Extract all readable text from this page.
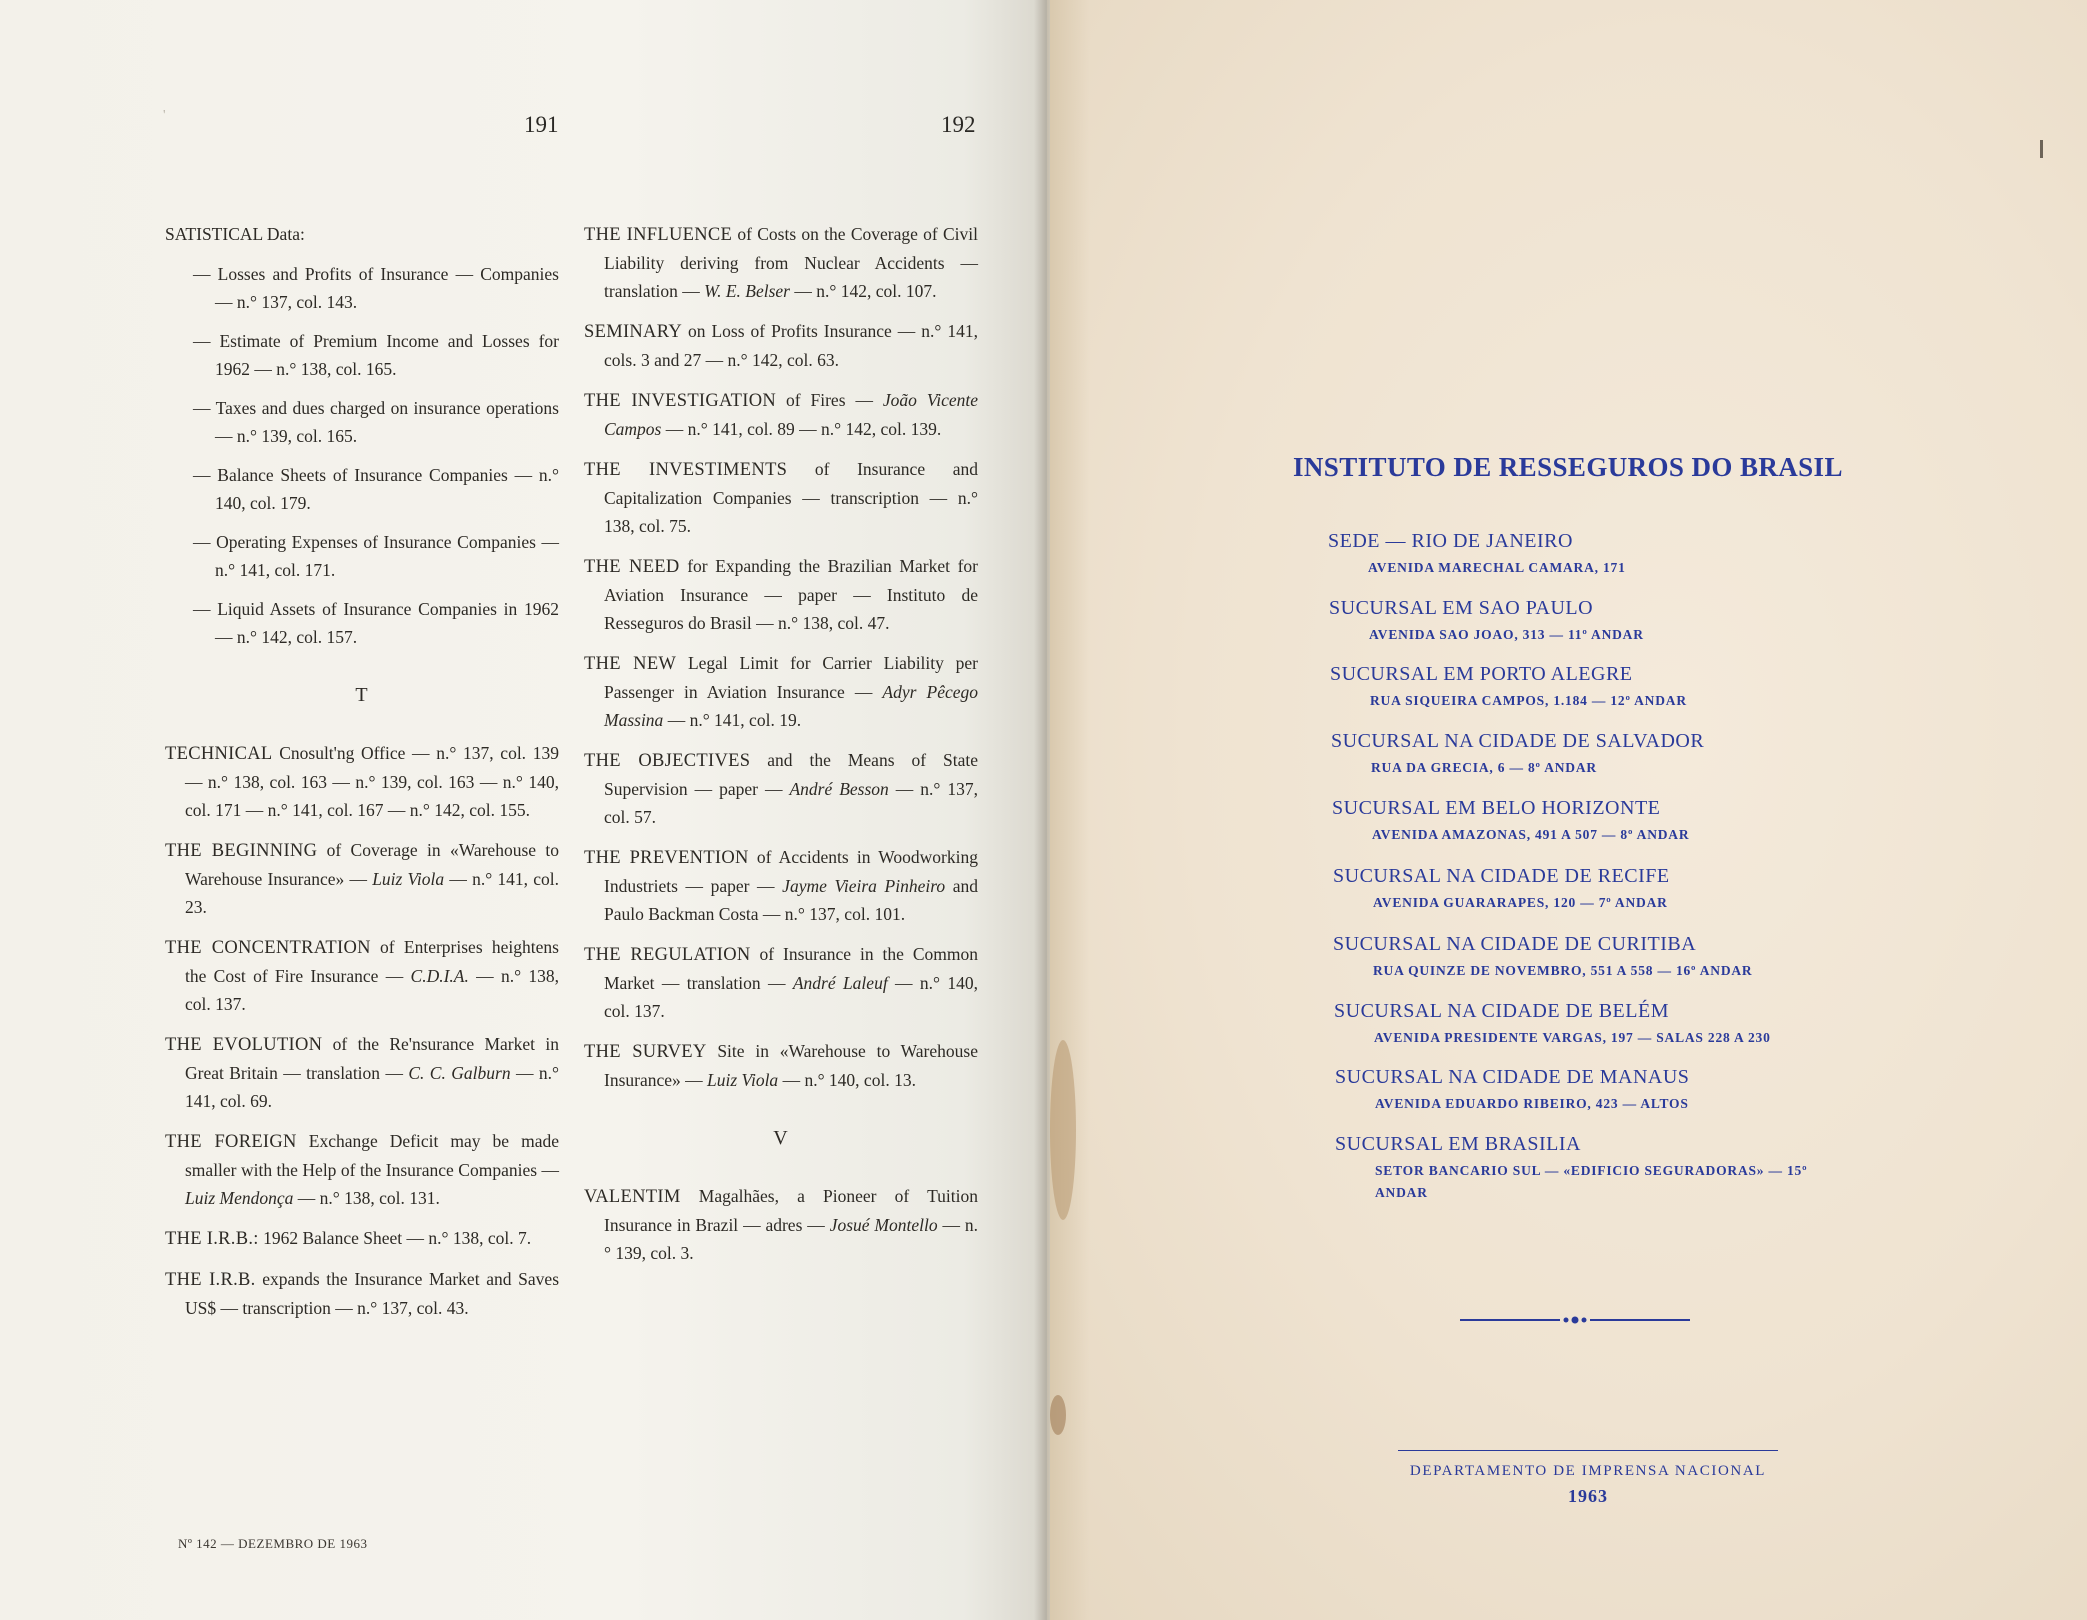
'	191	192
SATISTICAL Data:
— Losses and Profits of Insurance — Companies — n.° 137, col. 143.
— Estimate of Premium Income and Losses for 1962 — n.° 138, col. 165.
— Taxes and dues charged on insurance operations — n.° 139, col. 165.
— Balance Sheets of Insurance Companies — n.° 140, col. 179.
— Operating Expenses of Insurance Companies — n.° 141, col. 171.
— Liquid Assets of Insurance Companies in 1962 — n.° 142, col. 157.
T
TECHNICAL Cnosult'ng Office — n.° 137, col. 139 — n.° 138, col. 163 — n.° 139, col. 163 — n.° 140, col. 171 — n.° 141, col. 167 — n.° 142, col. 155.
THE BEGINNING of Coverage in «Warehouse to Warehouse Insurance» — Luiz Viola — n.° 141, col. 23.
THE CONCENTRATION of Enterprises heightens the Cost of Fire Insurance — C.D.I.A. — n.° 138, col. 137.
THE EVOLUTION of the Re'nsurance Market in Great Britain — translation — C. C. Galburn — n.° 141, col. 69.
THE FOREIGN Exchange Deficit may be made smaller with the Help of the Insurance Companies — Luiz Mendonça — n.° 138, col. 131.
THE I.R.B.: 1962 Balance Sheet — n.° 138, col. 7.
THE I.R.B. expands the Insurance Market and Saves US$ — transcription — n.° 137, col. 43.
THE INFLUENCE of Costs on the Coverage of Civil Liability deriving from Nuclear Accidents — translation — W. E. Belser — n.° 142, col. 107.
SEMINARY on Loss of Profits Insurance — n.° 141, cols. 3 and 27 — n.° 142, col. 63.
THE INVESTIGATION of Fires — João Vicente Campos — n.° 141, col. 89 — n.° 142, col. 139.
THE INVESTIMENTS of Insurance and Capitalization Companies — transcription — n.° 138, col. 75.
THE NEED for Expanding the Brazilian Market for Aviation Insurance — paper — Instituto de Resseguros do Brasil — n.° 138, col. 47.
THE NEW Legal Limit for Carrier Liability per Passenger in Aviation Insurance — Adyr Pêcego Massina — n.° 141, col. 19.
THE OBJECTIVES and the Means of State Supervision — paper — André Besson — n.° 137, col. 57.
THE PREVENTION of Accidents in Woodworking Industriets — paper — Jayme Vieira Pinheiro and Paulo Backman Costa — n.° 137, col. 101.
THE REGULATION of Insurance in the Common Market — translation — André Laleuf — n.° 140, col. 137.
THE SURVEY Site in «Warehouse to Warehouse Insurance» — Luiz Viola — n.° 140, col. 13.
V
VALENTIM Magalhães, a Pioneer of Tuition Insurance in Brazil — adres — Josué Montello — n.° 139, col. 3.
Nº 142 — DEZEMBRO DE 1963
INSTITUTO DE RESSEGUROS DO BRASIL
SEDE — RIO DE JANEIRO
AVENIDA MARECHAL CAMARA, 171
SUCURSAL EM SAO PAULO
AVENIDA SAO JOAO, 313 — 11º ANDAR
SUCURSAL EM PORTO ALEGRE
RUA SIQUEIRA CAMPOS, 1.184 — 12º ANDAR
SUCURSAL NA CIDADE DE SALVADOR
RUA DA GRECIA, 6 — 8º ANDAR
SUCURSAL EM BELO HORIZONTE
AVENIDA AMAZONAS, 491 A 507 — 8º ANDAR
SUCURSAL NA CIDADE DE RECIFE
AVENIDA GUARARAPES, 120 — 7º ANDAR
SUCURSAL NA CIDADE DE CURITIBA
RUA QUINZE DE NOVEMBRO, 551 A 558 — 16º ANDAR
SUCURSAL NA CIDADE DE BELÉM
AVENIDA PRESIDENTE VARGAS, 197 — SALAS 228 A 230
SUCURSAL NA CIDADE DE MANAUS
AVENIDA EDUARDO RIBEIRO, 423 — ALTOS
SUCURSAL EM BRASILIA
SETOR BANCARIO SUL — «EDIFICIO SEGURADORAS» — 15º ANDAR
DEPARTAMENTO DE IMPRENSA NACIONAL
1963
